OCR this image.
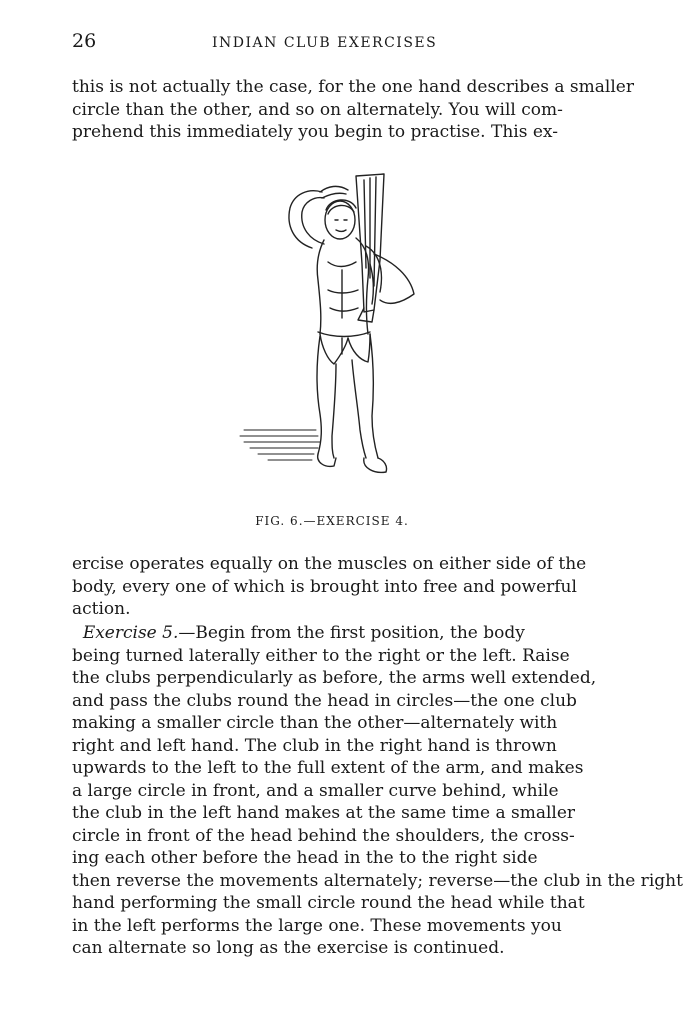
26	INDIAN CLUB EXERCISES

this is not actually the case, for the one hand describes a smaller
circle than the other, and so on alternately. You will com-
prehend this immediately you begin to practise. This ex-

FIG. 6.—EXERCISE 4.

ercise operates equally on the muscles on either side of the
body, every one of which is brought into free and powerful
action.

Exercise 5.—Begin from the first position, the body
being turned laterally either to the right or the left. Raise
the clubs perpendicularly as before, the arms well extended,
and pass the clubs round the head in circles—the one club
making a smaller circle than the other—alternately with
right and left hand. The club in the right hand is thrown
upwards to the left to the full extent of the arm, and makes
a large circle in front, and a smaller curve behind, while
the club in the left hand makes at the same time a smaller
circle in front of the head behind the shoulders, the cross-
ing each other before the head in the to the right side
then reverse the movements alternately; reverse—the club in the right
hand performing the small circle round the head while that
in the left performs the large one. These movements you
can alternate so long as the exercise is continued.
